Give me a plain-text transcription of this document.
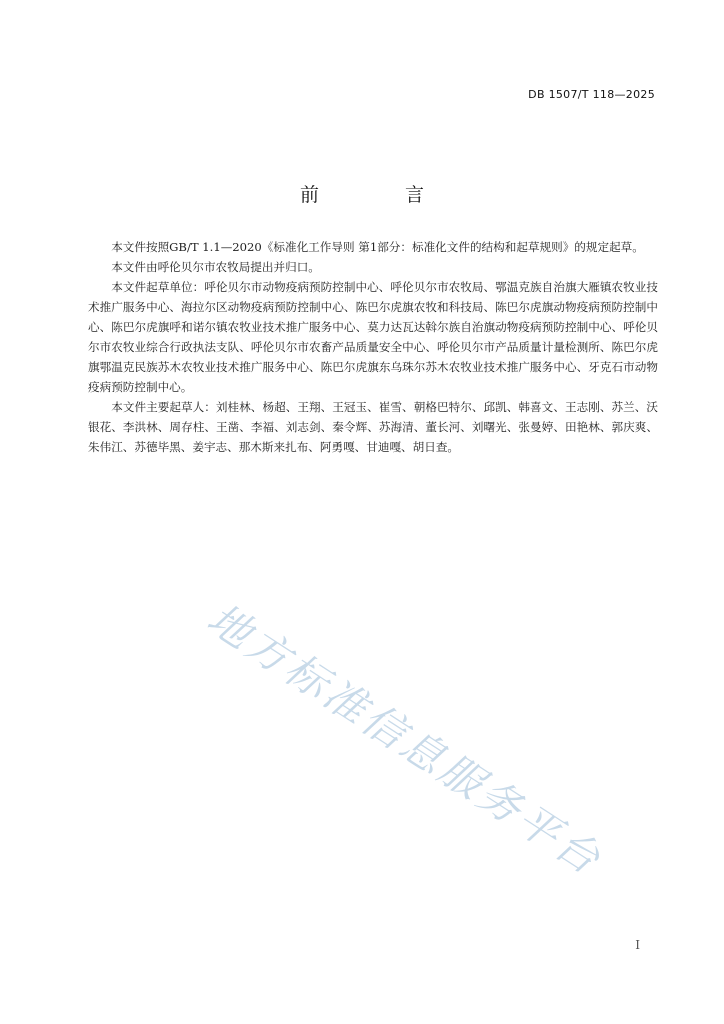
DB 1507/T 118—2025
前 言

本文件按照GB/T 1.1—2020《标准化工作导则 第1部分：标准化文件的结构和起草规则》的规定起草。

本文件由呼伦贝尔市农牧局提出并归口。

本文件起草单位：呼伦贝尔市动物疫病预防控制中心、呼伦贝尔市农牧局、鄂温克族自治旗大雁镇农牧业技术推广服务中心、海拉尔区动物疫病预防控制中心、陈巴尔虎旗农牧和科技局、陈巴尔虎旗动物疫病预防控制中心、陈巴尔虎旗呼和诺尔镇农牧业技术推广服务中心、莫力达瓦达斡尔族自治旗动物疫病预防控制中心、呼伦贝尔市农牧业综合行政执法支队、呼伦贝尔市农畜产品质量安全中心、呼伦贝尔市产品质量计量检测所、陈巴尔虎旗鄂温克民族苏木农牧业技术推广服务中心、陈巴尔虎旗东乌珠尔苏木农牧业技术推广服务中心、牙克石市动物疫病预防控制中心。

本文件主要起草人：刘桂林、杨超、王翔、王冠玉、崔雪、朝格巴特尔、邱凯、韩喜文、王志刚、苏兰、沃银花、李洪林、周存柱、王凿、李福、刘志剑、秦令辉、苏海清、董长河、刘曙光、张曼婷、田艳林、郭庆爽、朱伟江、苏德毕黑、姜宇志、那木斯来扎布、阿勇嘎、甘迪嘎、胡日查。

地方标准信息服务平台
I
